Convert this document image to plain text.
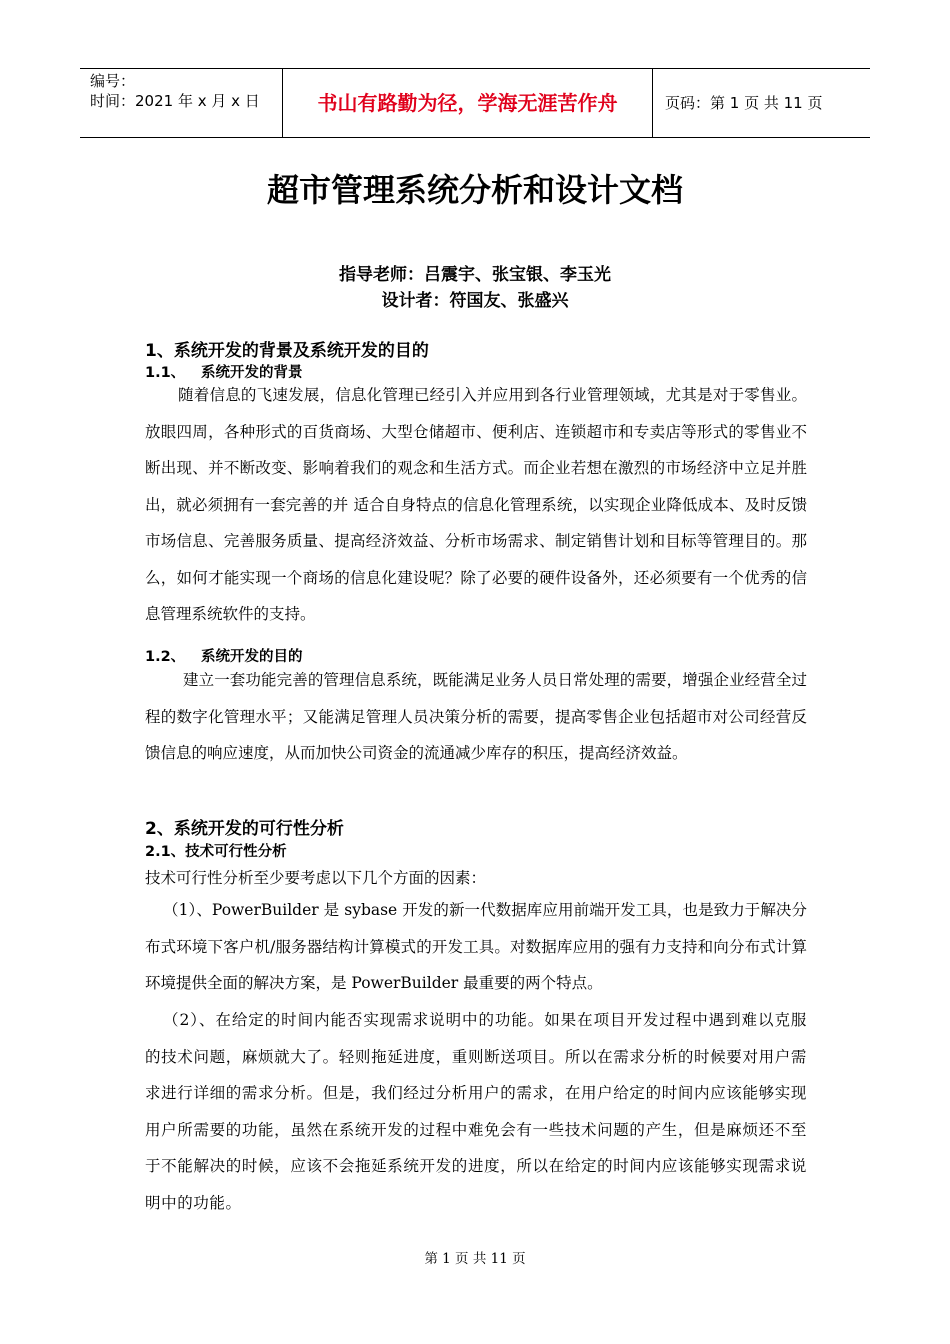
编号：
时间：2021 年 x 月 x 日	书山有路勤为径，学海无涯苦作舟	页码：第 1 页 共 11 页
超市管理系统分析和设计文档
指导老师：吕震宇、张宝银、李玉光
设计者：符国友、张盛兴
1、系统开发的背景及系统开发的目的
1.1、 系统开发的背景
随着信息的飞速发展，信息化管理已经引入并应用到各行业管理领域，尤其是对于零售业。放眼四周，各种形式的百货商场、大型仓储超市、便利店、连锁超市和专卖店等形式的零售业不断出现、并不断改变、影响着我们的观念和生活方式。而企业若想在激烈的市场经济中立足并胜出，就必须拥有一套完善的并 适合自身特点的信息化管理系统，以实现企业降低成本、及时反馈市场信息、完善服务质量、提高经济效益、分析市场需求、制定销售计划和目标等管理目的。那么，如何才能实现一个商场的信息化建设呢？除了必要的硬件设备外，还必须要有一个优秀的信息管理系统软件的支持。
1.2、 系统开发的目的
建立一套功能完善的管理信息系统，既能满足业务人员日常处理的需要，增强企业经营全过程的数字化管理水平；又能满足管理人员决策分析的需要，提高零售企业包括超市对公司经营反馈信息的响应速度，从而加快公司资金的流通减少库存的积压，提高经济效益。
2、系统开发的可行性分析
2.1、技术可行性分析
技术可行性分析至少要考虑以下几个方面的因素：
（1）、PowerBuilder 是 sybase 开发的新一代数据库应用前端开发工具，也是致力于解决分布式环境下客户机/服务器结构计算模式的开发工具。对数据库应用的强有力支持和向分布式计算环境提供全面的解决方案，是 PowerBuilder 最重要的两个特点。
（2）、在给定的时间内能否实现需求说明中的功能。如果在项目开发过程中遇到难以克服的技术问题，麻烦就大了。轻则拖延进度，重则断送项目。所以在需求分析的时候要对用户需求进行详细的需求分析。但是，我们经过分析用户的需求，在用户给定的时间内应该能够实现用户所需要的功能，虽然在系统开发的过程中难免会有一些技术问题的产生，但是麻烦还不至于不能解决的时候，应该不会拖延系统开发的进度，所以在给定的时间内应该能够实现需求说明中的功能。
第 1 页 共 11 页
